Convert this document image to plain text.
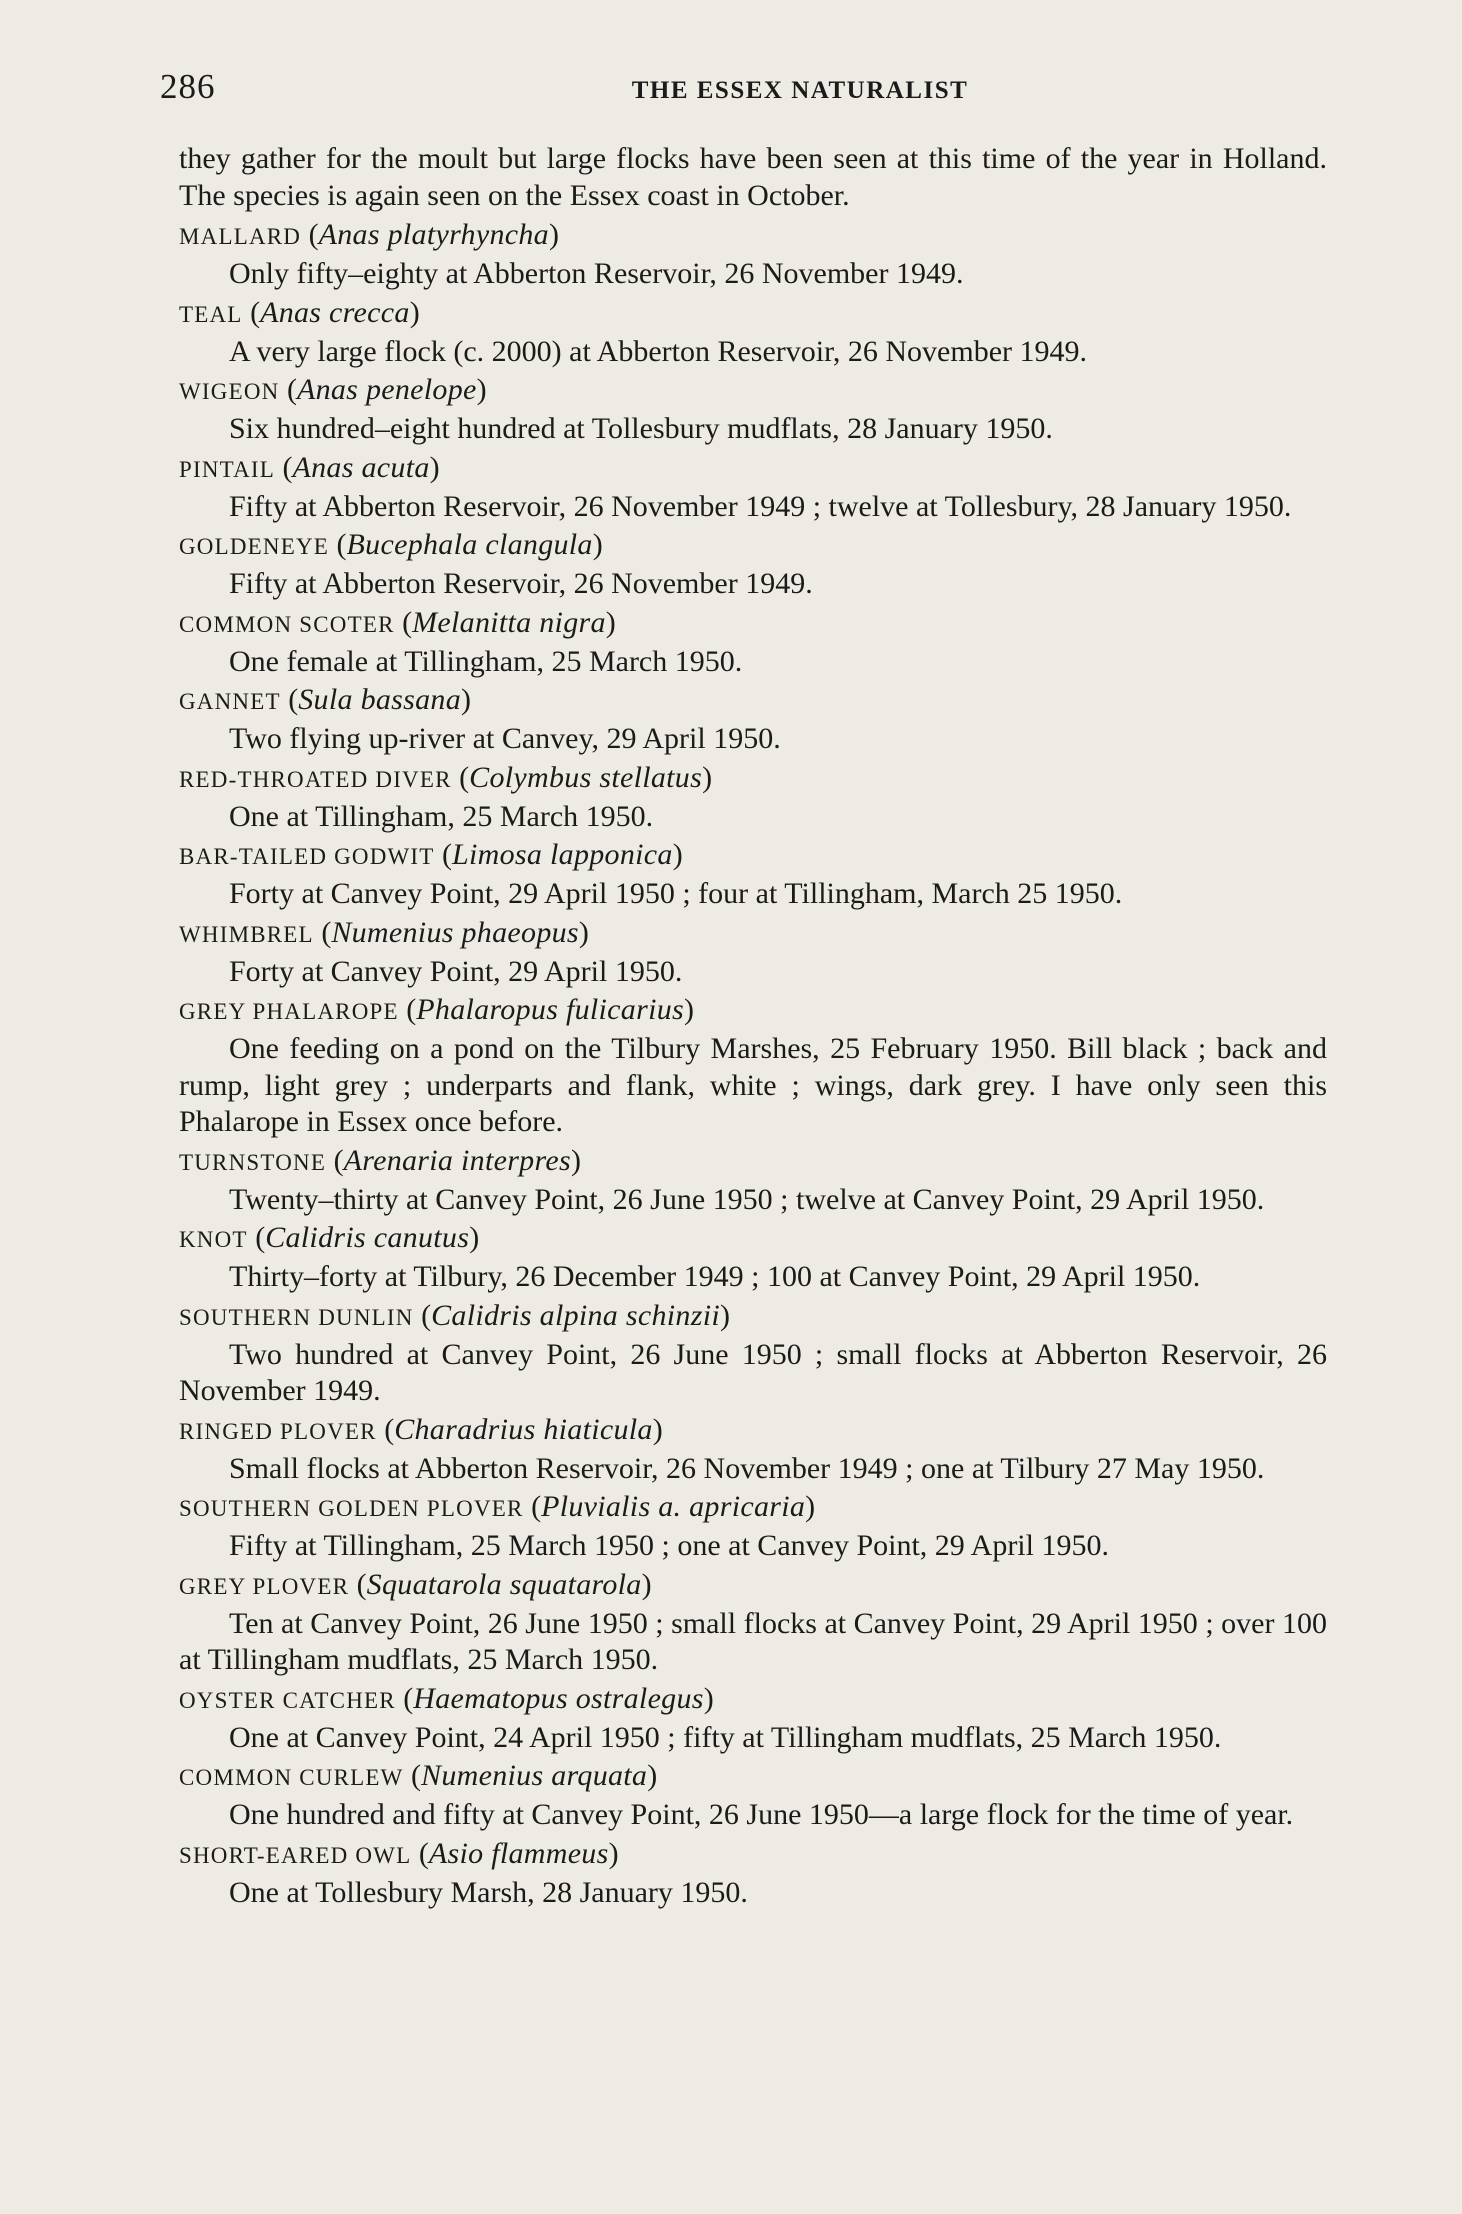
286	THE ESSEX NATURALIST

they gather for the moult but large flocks have been seen at this time of the year in Holland. The species is again seen on the Essex coast in October.

MALLARD (Anas platyrhyncha)

Only fifty–eighty at Abberton Reservoir, 26 November 1949.

TEAL (Anas crecca)

A very large flock (c. 2000) at Abberton Reservoir, 26 November 1949.

WIGEON (Anas penelope)

Six hundred–eight hundred at Tollesbury mudflats, 28 January 1950.

PINTAIL (Anas acuta)

Fifty at Abberton Reservoir, 26 November 1949 ; twelve at Tollesbury, 28 January 1950.

GOLDENEYE (Bucephala clangula)

Fifty at Abberton Reservoir, 26 November 1949.

COMMON SCOTER (Melanitta nigra)

One female at Tillingham, 25 March 1950.

GANNET (Sula bassana)

Two flying up-river at Canvey, 29 April 1950.

RED-THROATED DIVER (Colymbus stellatus)

One at Tillingham, 25 March 1950.

BAR-TAILED GODWIT (Limosa lapponica)

Forty at Canvey Point, 29 April 1950 ; four at Tillingham, March 25 1950.

WHIMBREL (Numenius phaeopus)

Forty at Canvey Point, 29 April 1950.

GREY PHALAROPE (Phalaropus fulicarius)

One feeding on a pond on the Tilbury Marshes, 25 February 1950. Bill black ; back and rump, light grey ; underparts and flank, white ; wings, dark grey. I have only seen this Phalarope in Essex once before.

TURNSTONE (Arenaria interpres)

Twenty–thirty at Canvey Point, 26 June 1950 ; twelve at Canvey Point, 29 April 1950.

KNOT (Calidris canutus)

Thirty–forty at Tilbury, 26 December 1949 ; 100 at Canvey Point, 29 April 1950.

SOUTHERN DUNLIN (Calidris alpina schinzii)

Two hundred at Canvey Point, 26 June 1950 ; small flocks at Abberton Reservoir, 26 November 1949.

RINGED PLOVER (Charadrius hiaticula)

Small flocks at Abberton Reservoir, 26 November 1949 ; one at Tilbury 27 May 1950.

SOUTHERN GOLDEN PLOVER (Pluvialis a. apricaria)

Fifty at Tillingham, 25 March 1950 ; one at Canvey Point, 29 April 1950.

GREY PLOVER (Squatarola squatarola)

Ten at Canvey Point, 26 June 1950 ; small flocks at Canvey Point, 29 April 1950 ; over 100 at Tillingham mudflats, 25 March 1950.

OYSTER CATCHER (Haematopus ostralegus)

One at Canvey Point, 24 April 1950 ; fifty at Tillingham mudflats, 25 March 1950.

COMMON CURLEW (Numenius arquata)

One hundred and fifty at Canvey Point, 26 June 1950—a large flock for the time of year.

SHORT-EARED OWL (Asio flammeus)

One at Tollesbury Marsh, 28 January 1950.
